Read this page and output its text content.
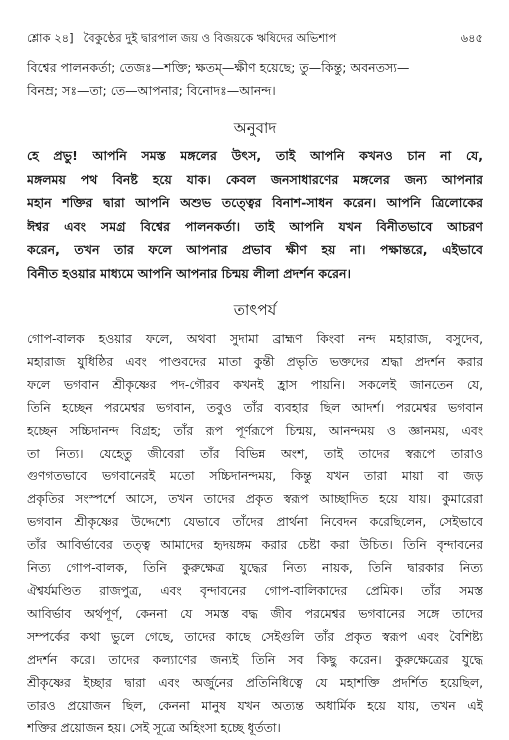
শ্লোক ২৪] বৈকুণ্ঠের দুই দ্বারপাল জয় ও বিজয়কে ঋষিদের অভিশাপ	৬৪৫
বিশ্বের পালনকর্তা; তেজঃ—শক্তি; ক্ষতম্—ক্ষীণ হয়েছে; তু—কিন্তু; অবনতস্য—
বিনম্র; সঃ—তা; তে—আপনার; বিনোদঃ—আনন্দ।
অনুবাদ
হে প্রভু! আপনি সমস্ত মঙ্গলের উৎস, তাই আপনি কখনও চান না যে,
মঙ্গলময় পথ বিনষ্ট হয়ে যাক। কেবল জনসাধারণের মঙ্গলের জন্য আপনার
মহান শক্তির দ্বারা আপনি অশুভ তত্ত্বের বিনাশ-সাধন করেন। আপনি ত্রিলোকের
ঈশ্বর এবং সমগ্র বিশ্বের পালনকর্তা। তাই আপনি যখন বিনীতভাবে আচরণ
করেন, তখন তার ফলে আপনার প্রভাব ক্ষীণ হয় না। পক্ষান্তরে, এইভাবে
বিনীত হওয়ার মাধ্যমে আপনি আপনার চিন্ময় লীলা প্রদর্শন করেন।
তাৎপর্য
গোপ-বালক হওয়ার ফলে, অথবা সুদামা ব্রাহ্মণ কিংবা নন্দ মহারাজ, বসুদেব,
মহারাজ যুধিষ্ঠির এবং পাণ্ডবদের মাতা কুন্তী প্রভৃতি ভক্তদের শ্রদ্ধা প্রদর্শন করার
ফলে ভগবান শ্রীকৃষ্ণের পদ-গৌরব কখনই হ্রাস পায়নি। সকলেই জানতেন যে,
তিনি হচ্ছেন পরমেশ্বর ভগবান, তবুও তাঁর ব্যবহার ছিল আদর্শ। পরমেশ্বর ভগবান
হচ্ছেন সচ্চিদানন্দ বিগ্রহ; তাঁর রূপ পূর্ণরূপে চিন্ময়, আনন্দময় ও জ্ঞানময়, এবং
তা নিত্য। যেহেতু জীবেরা তাঁর বিভিন্ন অংশ, তাই তাদের স্বরূপে তারাও
গুণগতভাবে ভগবানেরই মতো সচ্চিদানন্দময়, কিন্তু যখন তারা মায়া বা জড়
প্রকৃতির সংস্পর্শে আসে, তখন তাদের প্রকৃত স্বরূপ আচ্ছাদিত হয়ে যায়। কুমারেরা
ভগবান শ্রীকৃষ্ণের উদ্দেশ্যে যেভাবে তাঁদের প্রার্থনা নিবেদন করেছিলেন, সেইভাবে
তাঁর আবির্ভাবের তত্ত্ব আমাদের হৃদয়ঙ্গম করার চেষ্টা করা উচিত। তিনি বৃন্দাবনের
নিত্য গোপ-বালক, তিনি কুরুক্ষেত্র যুদ্ধের নিত্য নায়ক, তিনি দ্বারকার নিত্য
ঐশ্বর্যমণ্ডিত রাজপুত্র, এবং বৃন্দাবনের গোপ-বালিকাদের প্রেমিক। তাঁর সমস্ত
আবির্ভাব অর্থপূর্ণ, কেননা যে সমস্ত বদ্ধ জীব পরমেশ্বর ভগবানের সঙ্গে তাদের
সম্পর্কের কথা ভুলে গেছে, তাদের কাছে সেইগুলি তাঁর প্রকৃত স্বরূপ এবং বৈশিষ্ট্য
প্রদর্শন করে। তাদের কল্যাণের জন্যই তিনি সব কিছু করেন। কুরুক্ষেত্রের যুদ্ধে
শ্রীকৃষ্ণের ইচ্ছার দ্বারা এবং অর্জুনের প্রতিনিধিত্বে যে মহাশক্তি প্রদর্শিত হয়েছিল,
তারও প্রয়োজন ছিল, কেননা মানুষ যখন অত্যন্ত অধার্মিক হয়ে যায়, তখন এই
শক্তির প্রয়োজন হয়। সেই সূত্রে অহিংসা হচ্ছে ধূর্ততা।
